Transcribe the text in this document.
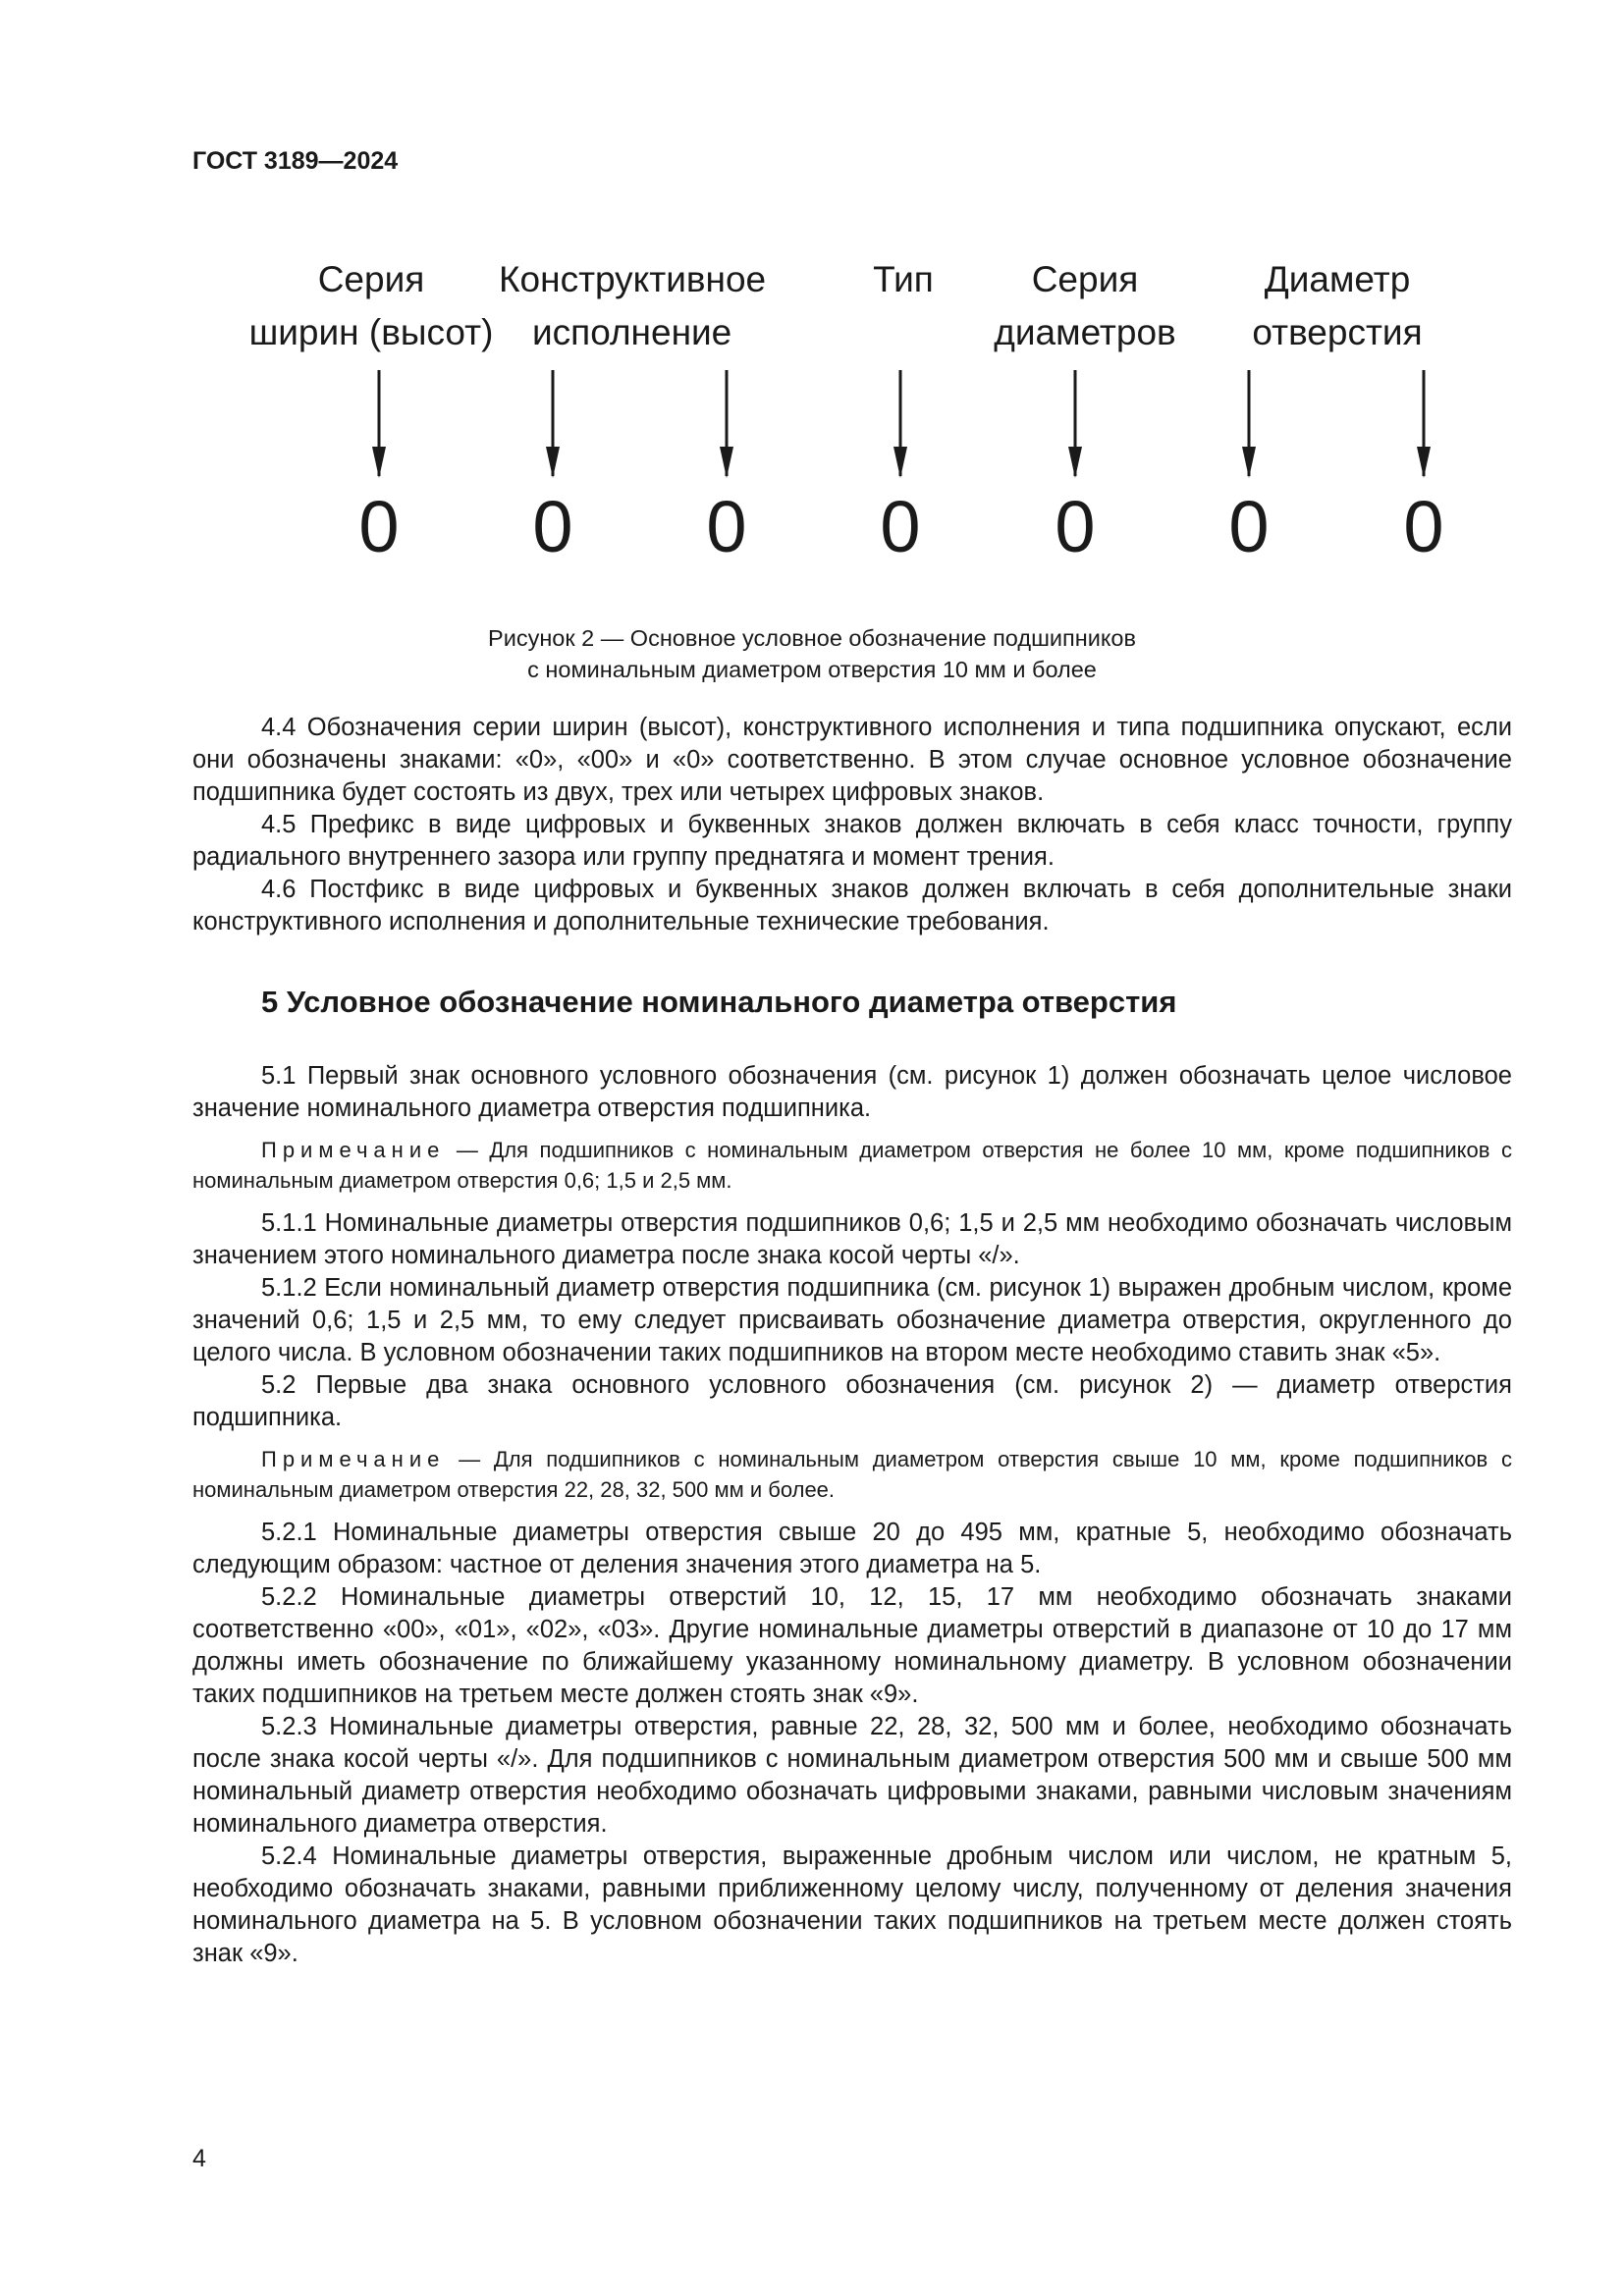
ГОСТ 3189—2024
Серия
ширин (высот)
Конструктивное
исполнение
Тип	Серия
диаметров
Диаметр
отверстия
0 0 0 0 0 0 0
Рисунок 2 — Основное условное обозначение подшипников
с номинальным диаметром отверстия 10 мм и более

4.4 Обозначения серии ширин (высот), конструктивного исполнения и типа подшипника опускают, если они обозначены знаками: «0», «00» и «0» соответственно. В этом случае основное условное обозначение подшипника будет состоять из двух, трех или четырех цифровых знаков.

4.5 Префикс в виде цифровых и буквенных знаков должен включать в себя класс точности, группу радиального внутреннего зазора или группу преднатяга и момент трения.

4.6 Постфикс в виде цифровых и буквенных знаков должен включать в себя дополнительные знаки конструктивного исполнения и дополнительные технические требования.

5 Условное обозначение номинального диаметра отверстия

5.1 Первый знак основного условного обозначения (см. рисунок 1) должен обозначать целое числовое значение номинального диаметра отверстия подшипника.

Примечание — Для подшипников с номинальным диаметром отверстия не более 10 мм, кроме подшипников с номинальным диаметром отверстия 0,6; 1,5 и 2,5 мм.

5.1.1 Номинальные диаметры отверстия подшипников 0,6; 1,5 и 2,5 мм необходимо обозначать числовым значением этого номинального диаметра после знака косой черты «/».

5.1.2 Если номинальный диаметр отверстия подшипника (см. рисунок 1) выражен дробным числом, кроме значений 0,6; 1,5 и 2,5 мм, то ему следует присваивать обозначение диаметра отверстия, округленного до целого числа. В условном обозначении таких подшипников на втором месте необходимо ставить знак «5».

5.2 Первые два знака основного условного обозначения (см. рисунок 2) — диаметр отверстия подшипника.

Примечание — Для подшипников с номинальным диаметром отверстия свыше 10 мм, кроме подшипников с номинальным диаметром отверстия 22, 28, 32, 500 мм и более.

5.2.1 Номинальные диаметры отверстия свыше 20 до 495 мм, кратные 5, необходимо обозначать следующим образом: частное от деления значения этого диаметра на 5.

5.2.2 Номинальные диаметры отверстий 10, 12, 15, 17 мм необходимо обозначать знаками соответственно «00», «01», «02», «03». Другие номинальные диаметры отверстий в диапазоне от 10 до 17 мм должны иметь обозначение по ближайшему указанному номинальному диаметру. В условном обозначении таких подшипников на третьем месте должен стоять знак «9».

5.2.3 Номинальные диаметры отверстия, равные 22, 28, 32, 500 мм и более, необходимо обозначать после знака косой черты «/». Для подшипников с номинальным диаметром отверстия 500 мм и свыше 500 мм номинальный диаметр отверстия необходимо обозначать цифровыми знаками, равными числовым значениям номинального диаметра отверстия.

5.2.4 Номинальные диаметры отверстия, выраженные дробным числом или числом, не кратным 5, необходимо обозначать знаками, равными приближенному целому числу, полученному от деления значения номинального диаметра на 5. В условном обозначении таких подшипников на третьем месте должен стоять знак «9».

4
